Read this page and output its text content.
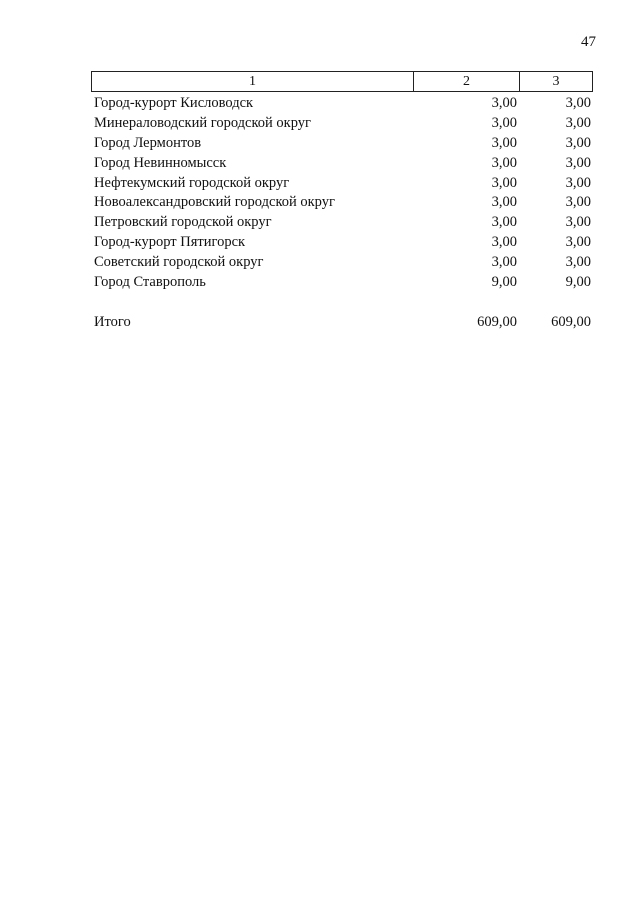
47
1	2	3
Город-курорт Кисловодск	3,00	3,00
Минераловодский городской округ	3,00	3,00
Город Лермонтов	3,00	3,00
Город Невинномысск	3,00	3,00
Нефтекумский городской округ	3,00	3,00
Новоалександровский городской округ	3,00	3,00
Петровский городской округ	3,00	3,00
Город-курорт Пятигорск	3,00	3,00
Советский городской округ	3,00	3,00
Город Ставрополь	9,00	9,00
Итого	609,00	609,00
